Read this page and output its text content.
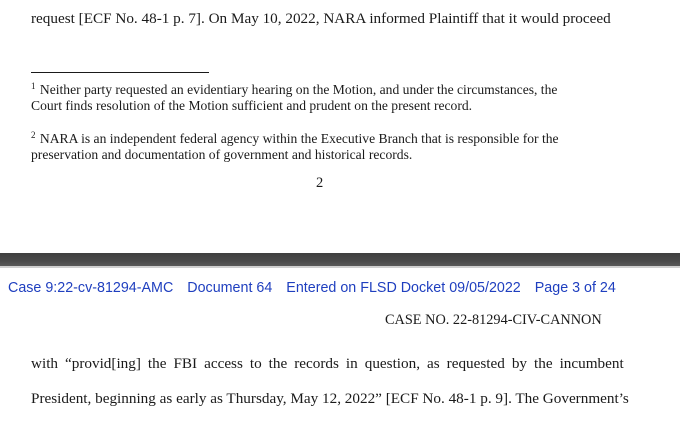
request [ECF No. 48-1 p. 7]. On May 10, 2022, NARA informed Plaintiff that it would proceed
$^1$ Neither party requested an evidentiary hearing on the Motion, and under the circumstances, the
Court finds resolution of the Motion sufficient and prudent on the present record.
$^2$ NARA is an independent federal agency within the Executive Branch that is responsible for the
preservation and documentation of government and historical records.
2
Case 9:22-cv-81294-AMC Document 64 Entered on FLSD Docket 09/05/2022 Page 3 of 24
CASE NO. 22-81294-CIV-CANNON
with “provid[ing] the FBI access to the records in question, as requested by the incumbent
President, beginning as early as Thursday, May 12, 2022” [ECF No. 48-1 p. 9]. The Government’s
